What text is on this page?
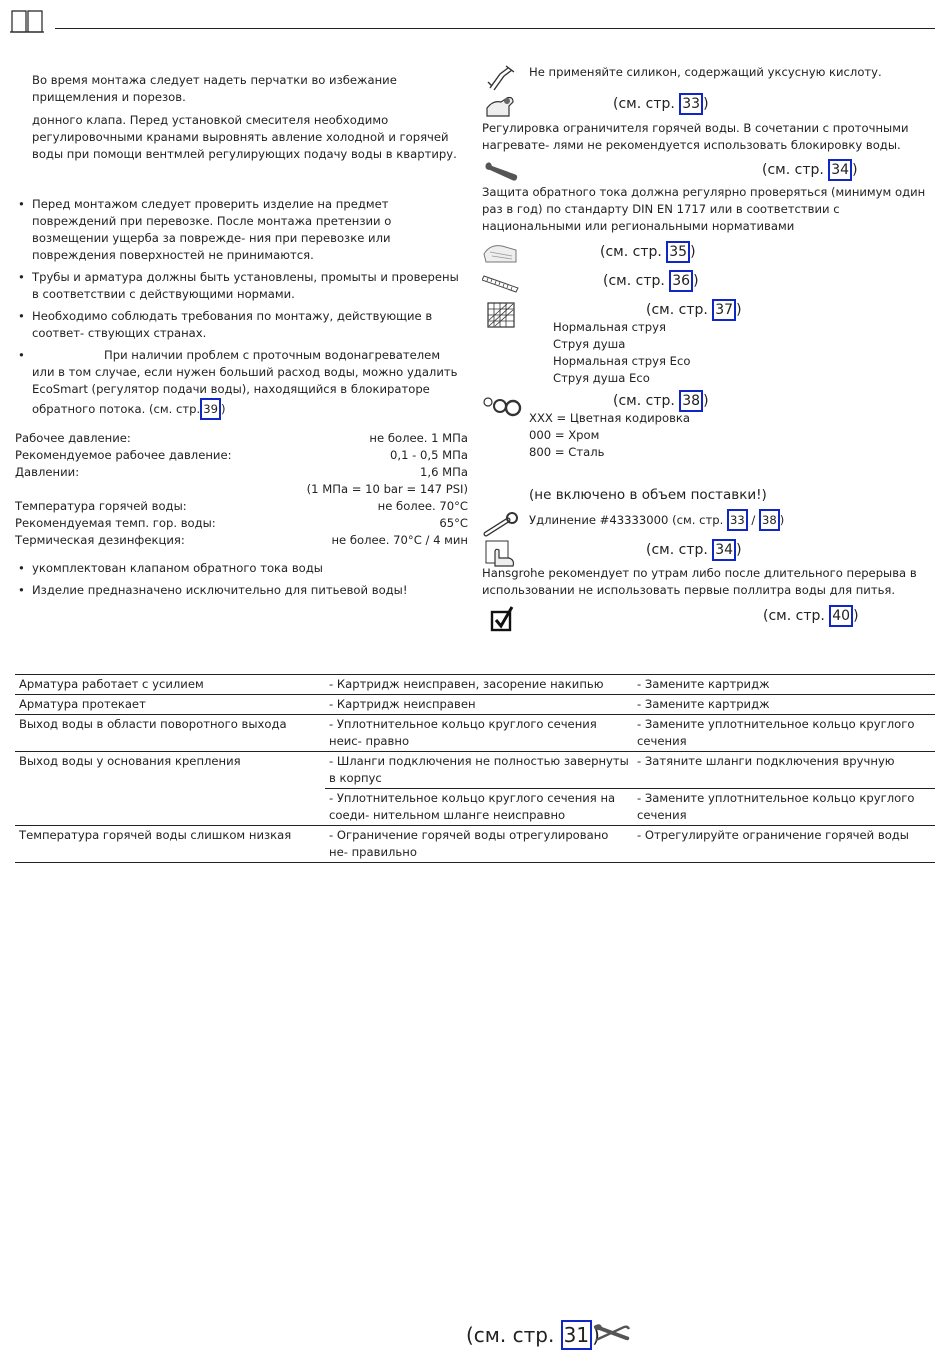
Во время монтажа следует надеть перчатки во избежание прищемления и порезов.

донного клапа. Перед установкой смесителя необходимо регулировочными кранами выровнять авление холодной и горячей воды при помощи вентмлей регулирующих подачу воды в квартиру.

• Перед монтажом следует проверить изделие на предмет повреждений при перевозке. После монтажа претензии о возмещении ущерба за поврежде- ния при перевозке или повреждения поверхностей не принимаются.
• Трубы и арматура должны быть установлены, промыты и проверены в соответствии с действующими нормами.
• Необходимо соблюдать требования по монтажу, действующие в соответ- ствующих странах.
• При наличии проблем с проточным водонагревателем или в том случае, если нужен больший расход воды, можно удалить EcoSmart (регулятор подачи воды), находящийся в блокираторе обратного потока. (см. стр. 39 )
Рабочее давление:	не более. 1 МПа
Рекомендуемое рабочее давление:	0,1 - 0,5 МПа
Давлении:	1,6 МПа
(1 МПа = 10 bar = 147 PSI)
Температура горячей воды:	не более. 70°C
Рекомендуемая темп. гор. воды:	65°C
Термическая дезинфекция:	не более. 70°C / 4 мин
• укомплектован клапаном обратного тока воды
• Изделие предназначено исключительно для питьевой воды!

Не применяйте силикон, содержащий уксусную кислоту.

(см. стр. 33 )

Регулировка ограничителя горячей воды. В сочетании с проточными нагревате- лями не рекомендуется использовать блокировку воды.

(см. стр. 34 )

Защита обратного тока должна регулярно проверяться (минимум один раз в год) по стандарту DIN EN 1717 или в соответствии с национальными или региональными нормативами

(см. стр. 35 )
(см. стр. 36 )
(см. стр. 37 )
Нормальная струя
Струя душа
Нормальная струя Eco
Струя душа Eco
(см. стр. 38 )
XXX = Цветная кодировка
000 = Хром
800 = Сталь
(не включено в объем поставки!)
Удлинение #43333000 (см. стр. 33 / 38 )
(см. стр. 34 )

Hansgrohe рекомендует по утрам либо после длительного перерыва в использовании не использовать первые поллитра воды для питья.

(см. стр. 40 )
Арматура работает с усилием	- Картридж неисправен, засорение накипью	- Замените картридж
Арматура протекает	- Картридж неисправен	- Замените картридж
Выход воды в области поворотного выхода	- Уплотнительное кольцо круглого сечения неис- правно	- Замените уплотнительное кольцо круглого сечения
Выход воды у основания крепления	- Шланги подключения не полностью завернуты в корпус	- Затяните шланги подключения вручную
	- Уплотнительное кольцо круглого сечения на соеди- нительном шланге неисправно	- Замените уплотнительное кольцо круглого сечения
Температура горячей воды слишком низкая	- Ограничение горячей воды отрегулировано не- правильно	- Отрегулируйте ограничение горячей воды
(см. стр. 31 )
